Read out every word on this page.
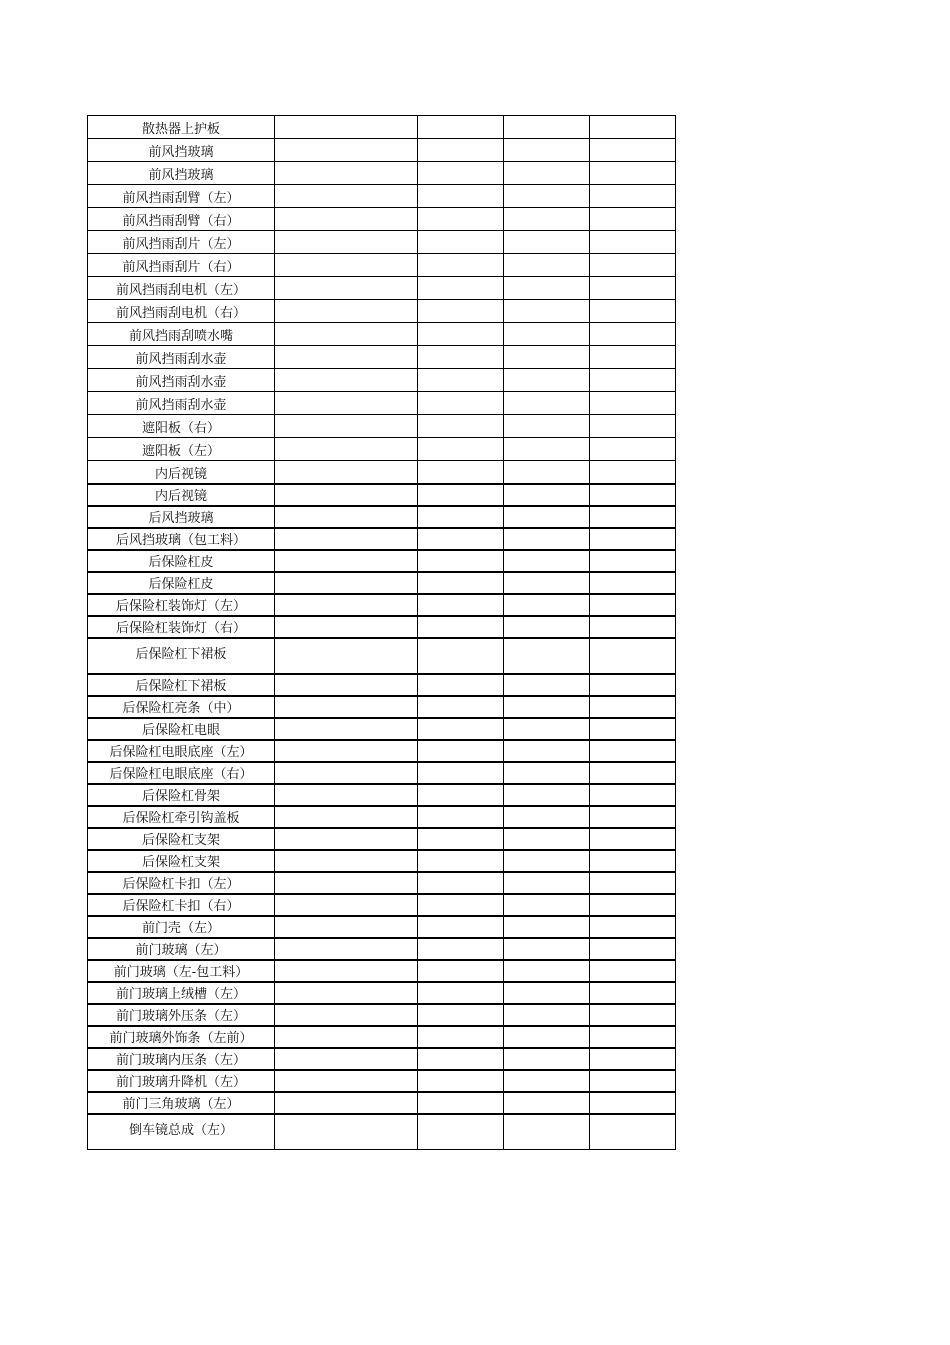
散热器上护板				
前风挡玻璃				
前风挡玻璃				
前风挡雨刮臂（左）				
前风挡雨刮臂（右）				
前风挡雨刮片（左）				
前风挡雨刮片（右）				
前风挡雨刮电机（左）				
前风挡雨刮电机（右）				
前风挡雨刮喷水嘴				
前风挡雨刮水壶				
前风挡雨刮水壶				
前风挡雨刮水壶				
遮阳板（右）				
遮阳板（左）				
内后视镜				
内后视镜				
后风挡玻璃				
后风挡玻璃（包工料）				
后保险杠皮				
后保险杠皮				
后保险杠装饰灯（左）				
后保险杠装饰灯（右）				
后保险杠下裙板				
后保险杠下裙板				
后保险杠亮条（中）				
后保险杠电眼				
后保险杠电眼底座（左）				
后保险杠电眼底座（右）				
后保险杠骨架				
后保险杠牵引钩盖板				
后保险杠支架				
后保险杠支架				
后保险杠卡扣（左）				
后保险杠卡扣（右）				
前门壳（左）				
前门玻璃（左）				
前门玻璃（左-包工料）				
前门玻璃上绒槽（左）				
前门玻璃外压条（左）				
前门玻璃外饰条（左前）				
前门玻璃内压条（左）				
前门玻璃升降机（左）				
前门三角玻璃（左）				
倒车镜总成（左）				
